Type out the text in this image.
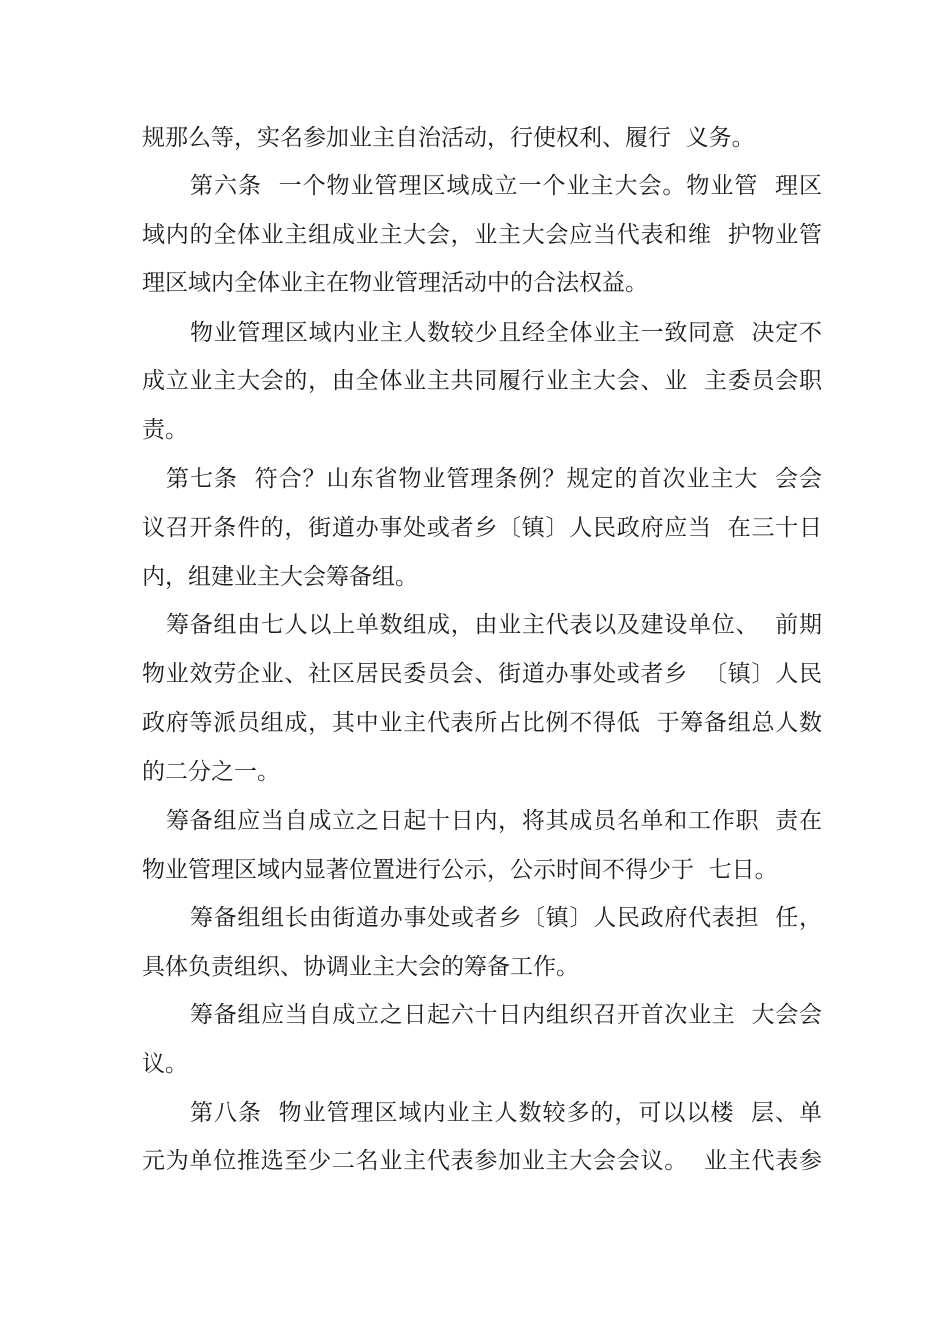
规那么等，实名参加业主自治活动，行使权利、履行  义务。
第六条  一个物业管理区域成立一个业主大会。物业管  理区
域内的全体业主组成业主大会，业主大会应当代表和维  护物业管
理区域内全体业主在物业管理活动中的合法权益。
物业管理区域内业主人数较少且经全体业主一致同意  决定不
成立业主大会的，由全体业主共同履行业主大会、业  主委员会职
责。
第七条  符合？山东省物业管理条例？规定的首次业主大  会会
议召开条件的，街道办事处或者乡〔镇〕人民政府应当  在三十日
内，组建业主大会筹备组。
筹备组由七人以上单数组成，由业主代表以及建设单位、  前期
物业效劳企业、社区居民委员会、街道办事处或者乡  〔镇〕人民
政府等派员组成，其中业主代表所占比例不得低  于筹备组总人数
的二分之一。
筹备组应当自成立之日起十日内，将其成员名单和工作职  责在
物业管理区域内显著位置进行公示，公示时间不得少于  七日。
筹备组组长由街道办事处或者乡〔镇〕人民政府代表担  任，
具体负责组织、协调业主大会的筹备工作。
筹备组应当自成立之日起六十日内组织召开首次业主  大会会
议。
第八条  物业管理区域内业主人数较多的，可以以楼  层、单
元为单位推选至少二名业主代表参加业主大会会议。  业主代表参
